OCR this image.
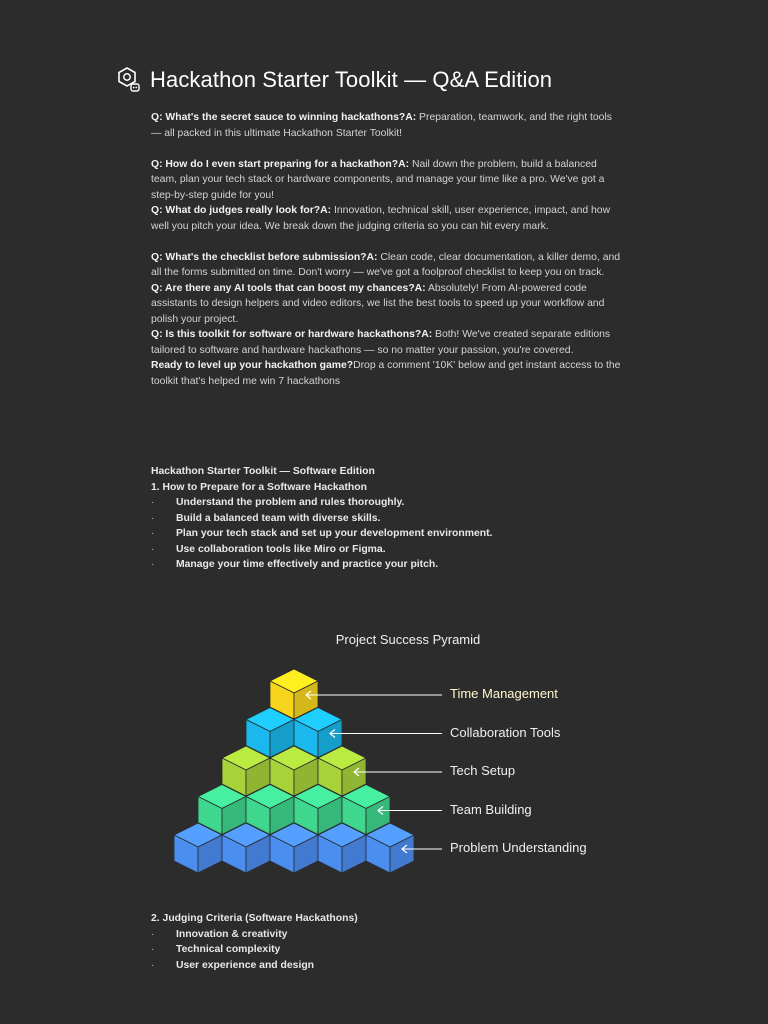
Hackathon Starter Toolkit — Q&A Edition

Q: What's the secret sauce to winning hackathons?A: Preparation, teamwork, and the right tools — all packed in this ultimate Hackathon Starter Toolkit!

Q: How do I even start preparing for a hackathon?A: Nail down the problem, build a balanced team, plan your tech stack or hardware components, and manage your time like a pro. We've got a step-by-step guide for you!

Q: What do judges really look for?A: Innovation, technical skill, user experience, impact, and how well you pitch your idea. We break down the judging criteria so you can hit every mark.

Q: What's the checklist before submission?A: Clean code, clear documentation, a killer demo, and all the forms submitted on time. Don't worry — we've got a foolproof checklist to keep you on track.

Q: Are there any AI tools that can boost my chances?A: Absolutely! From AI-powered code assistants to design helpers and video editors, we list the best tools to speed up your workflow and polish your project.

Q: Is this toolkit for software or hardware hackathons?A: Both! We've created separate editions tailored to software and hardware hackathons — so no matter your passion, you're covered.

Ready to level up your hackathon game?Drop a comment '10K' below and get instant access to the toolkit that's helped me win 7 hackathons

Hackathon Starter Toolkit — Software Edition
1. How to Prepare for a Software Hackathon
·	Understand the problem and rules thoroughly.
·	Build a balanced team with diverse skills.
·	Plan your tech stack and set up your development environment.
·	Use collaboration tools like Miro or Figma.
·	Manage your time effectively and practice your pitch.
Project Success Pyramid
Time Management
Collaboration Tools
Tech Setup
Team Building
Problem Understanding
2. Judging Criteria (Software Hackathons)
·	Innovation & creativity
·	Technical complexity
·	User experience and design
